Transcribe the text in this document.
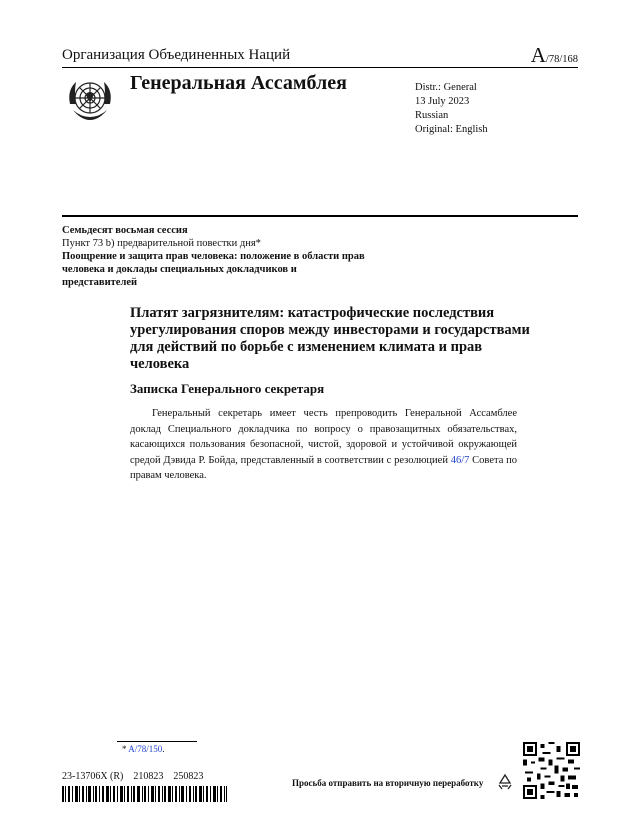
Организация Объединенных Наций	A/78/168
Генеральная Ассамблея	Distr.: General
13 July 2023
Russian
Original: English
Семьдесят восьмая сессия
Пункт 73 b) предварительной повестки дня*
Поощрение и защита прав человека: положение в области прав человека и доклады специальных докладчиков и представителей
Платят загрязнителям: катастрофические последствия урегулирования споров между инвесторами и государствами для действий по борьбе с изменением климата и прав человека
Записка Генерального секретаря

Генеральный секретарь имеет честь препроводить Генеральной Ассамблее доклад Специального докладчика по вопросу о правозащитных обязательствах, касающихся пользования безопасной, чистой, здоровой и устойчивой окружающей средой Дэвида Р. Бойда, представленный в соответствии с резолюцией 46/7 Совета по правам человека.

* A/78/150.
23-13706X (R)    210823    250823
Просьба отправить на вторичную переработку
